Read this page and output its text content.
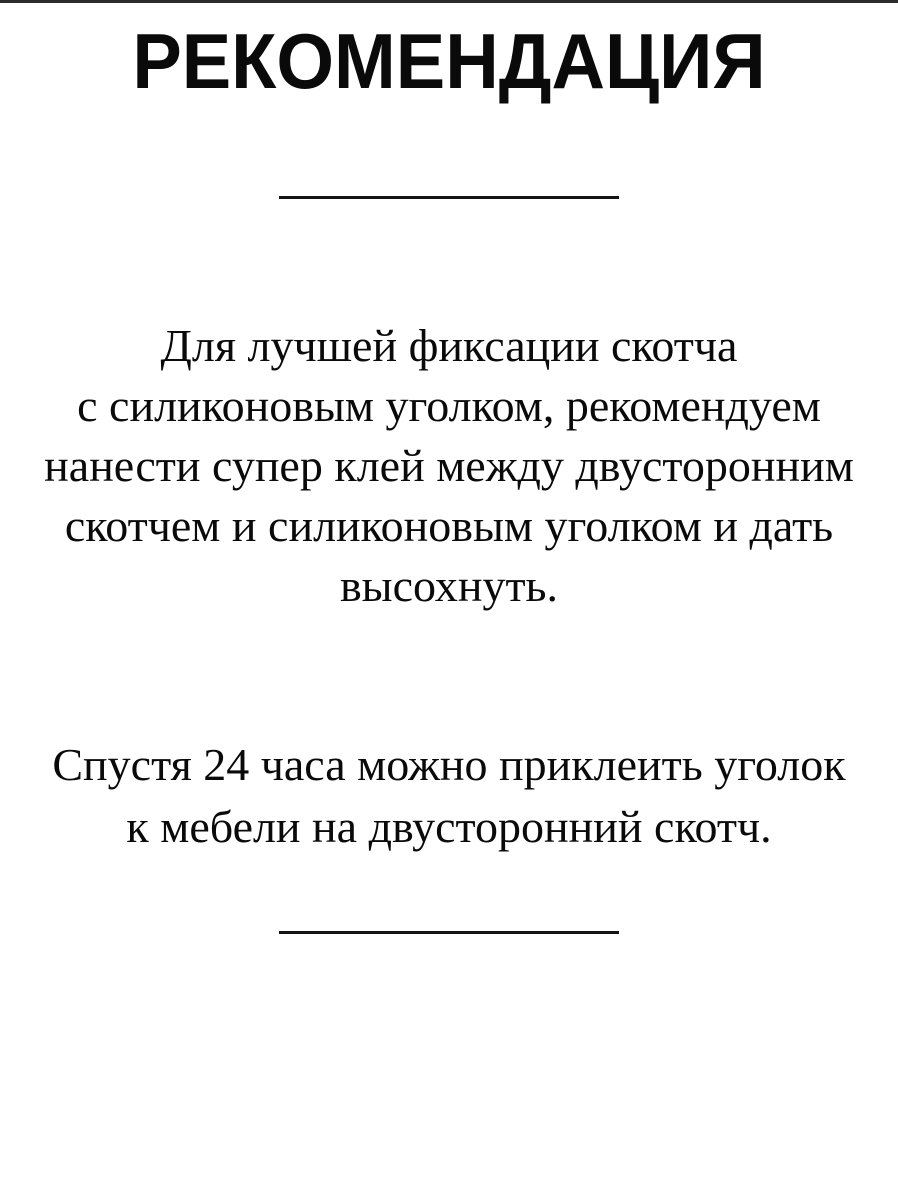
РЕКОМЕНДАЦИЯ
Для лучшей фиксации скотча
с силиконовым уголком, рекомендуем
нанести супер клей между двусторонним
скотчем и силиконовым уголком и дать
высохнуть.
Спустя 24 часа можно приклеить уголок
к мебели на двусторонний скотч.
